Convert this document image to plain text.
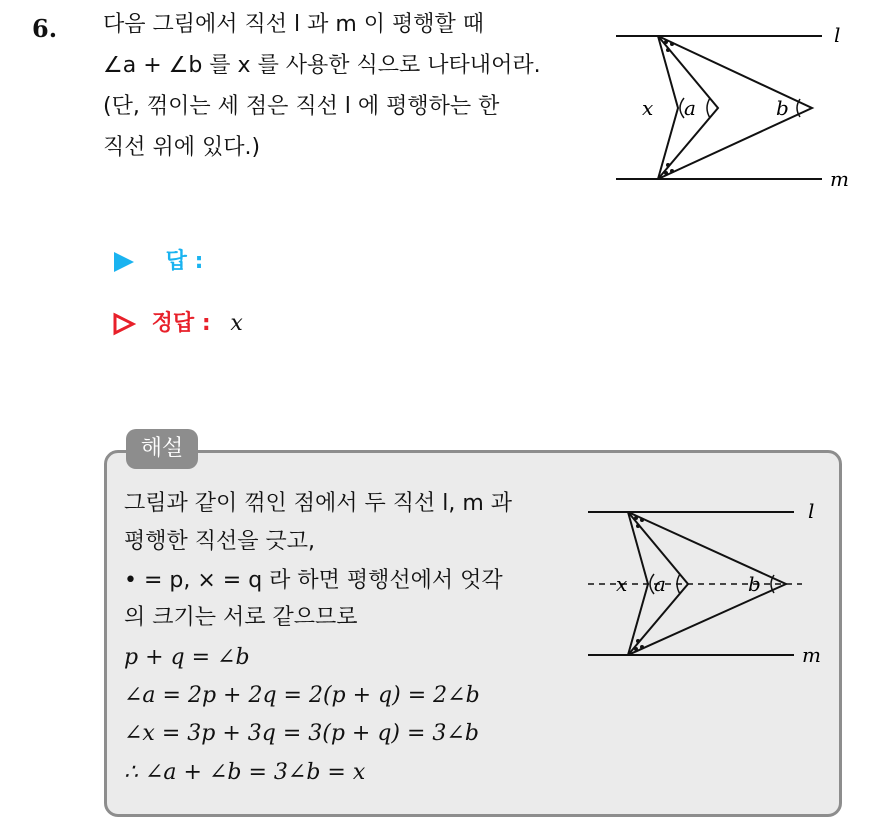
6. 다음 그림에서 직선 l 과 m 이 평행할 때
∠a + ∠b 를 x 를 사용한 식으로 나타내어라.
(단, 꺾이는 세 점은 직선 l 에 평행하는 한
직선 위에 있다.)
l
m
x a	b
답 :
정답 : x
해설
그림과 같이 꺾인 점에서 두 직선 l, m 과
평행한 직선을 긋고,
• = p, × = q 라 하면 평행선에서 엇각
의 크기는 서로 같으므로
p + q = ∠b
∠a = 2p + 2q = 2(p + q) = 2∠b
∠x = 3p + 3q = 3(p + q) = 3∠b
∴ ∠a + ∠b = 3∠b = x
l
m
x a	b
